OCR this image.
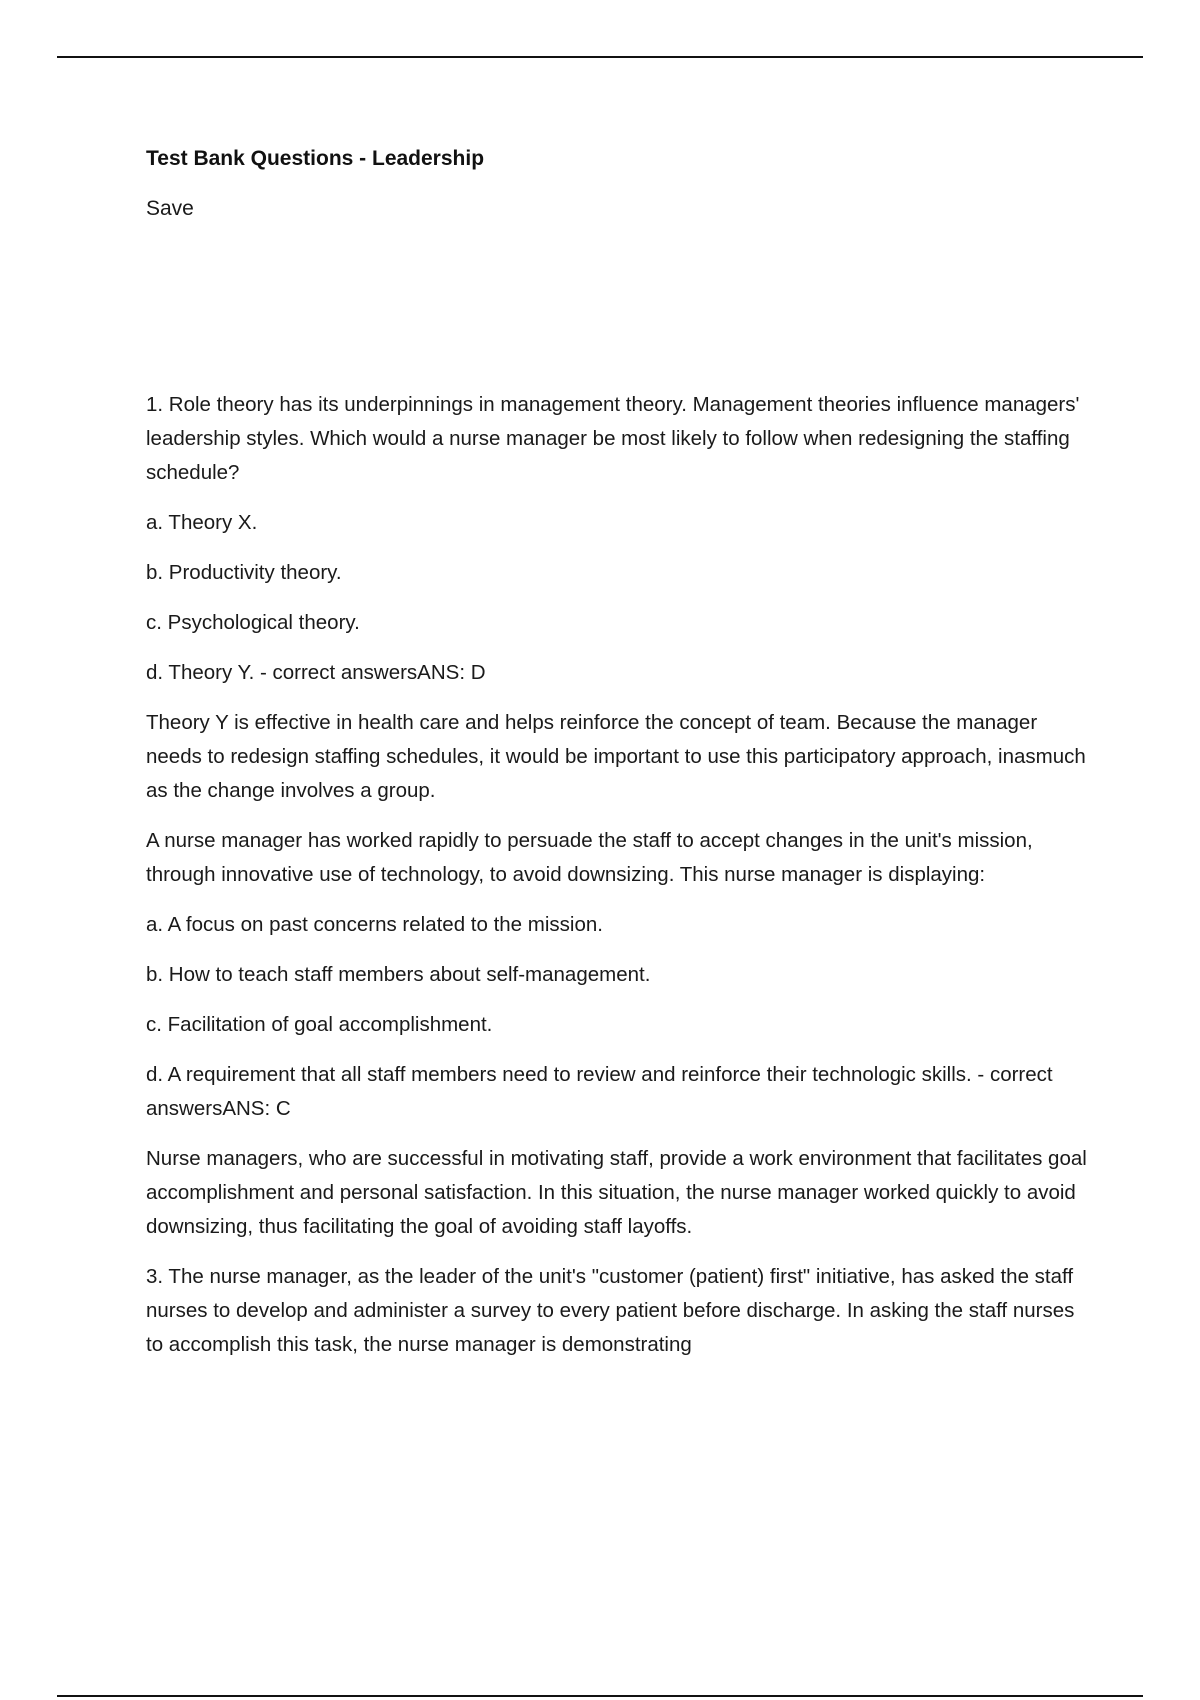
Test Bank Questions - Leadership
Save

1. Role theory has its underpinnings in management theory. Management theories influence managers' leadership styles. Which would a nurse manager be most likely to follow when redesigning the staffing schedule?

a. Theory X.

b. Productivity theory.

c. Psychological theory.

d. Theory Y. - correct answersANS: D

Theory Y is effective in health care and helps reinforce the concept of team. Because the manager needs to redesign staffing schedules, it would be important to use this participatory approach, inasmuch as the change involves a group.

A nurse manager has worked rapidly to persuade the staff to accept changes in the unit's mission, through innovative use of technology, to avoid downsizing. This nurse manager is displaying:

a. A focus on past concerns related to the mission.

b. How to teach staff members about self-management.

c. Facilitation of goal accomplishment.

d. A requirement that all staff members need to review and reinforce their technologic skills. - correct answersANS: C

Nurse managers, who are successful in motivating staff, provide a work environment that facilitates goal accomplishment and personal satisfaction. In this situation, the nurse manager worked quickly to avoid downsizing, thus facilitating the goal of avoiding staff layoffs.

3. The nurse manager, as the leader of the unit's "customer (patient) first" initiative, has asked the staff nurses to develop and administer a survey to every patient before discharge. In asking the staff nurses to accomplish this task, the nurse manager is demonstrating
